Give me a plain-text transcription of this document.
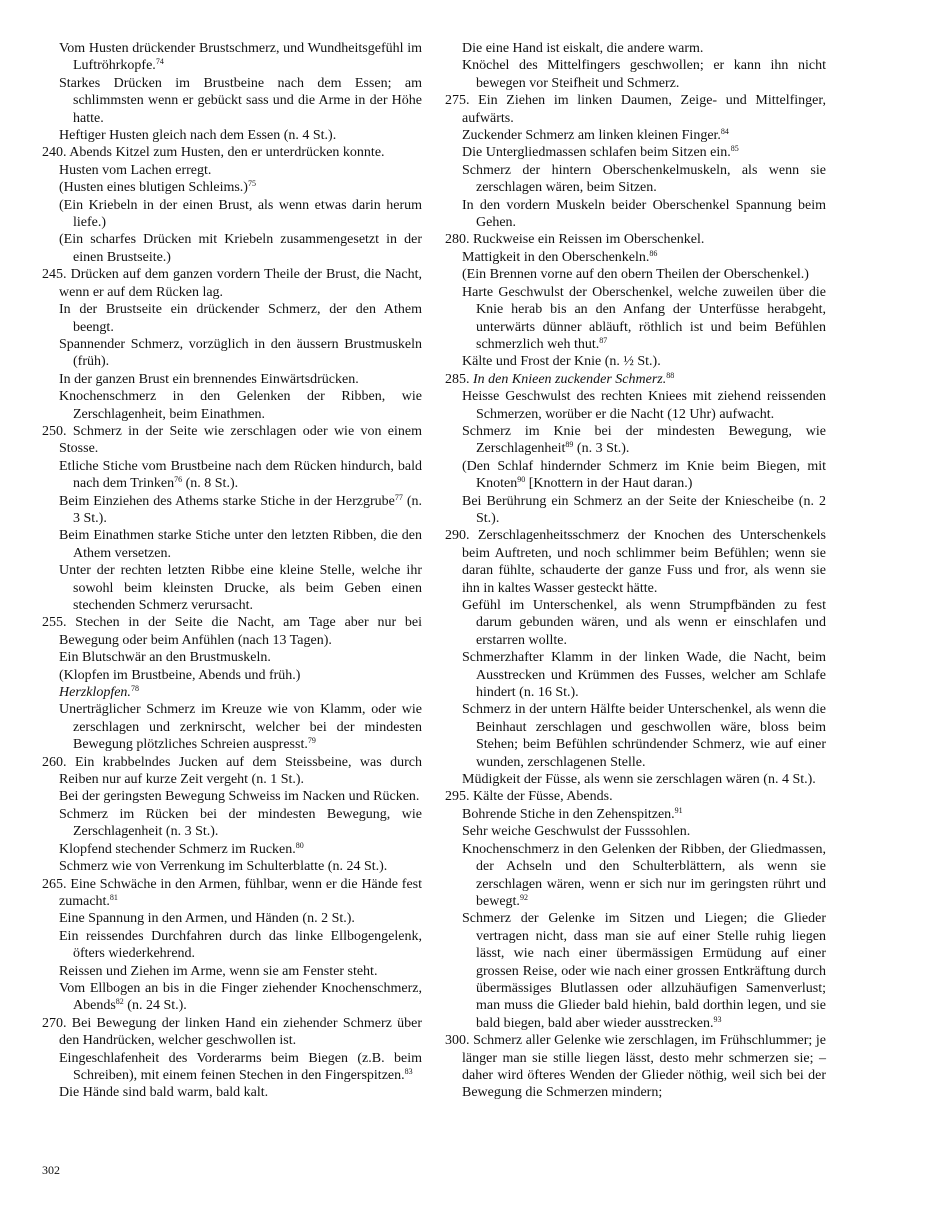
Vom Husten drückender Brustschmerz, und Wundheitsgefühl im Luftröhrkopfe.$^{74}$
Starkes Drücken im Brustbeine nach dem Essen; am schlimmsten wenn er gebückt sass und die Arme in der Höhe hatte.
Heftiger Husten gleich nach dem Essen (n. 4 St.).
240. Abends Kitzel zum Husten, den er unterdrücken konnte.
Husten vom Lachen erregt.
(Husten eines blutigen Schleims.)$^{75}$
(Ein Kriebeln in der einen Brust, als wenn etwas darin herum liefe.)
(Ein scharfes Drücken mit Kriebeln zusammengesetzt in der einen Brustseite.)
245. Drücken auf dem ganzen vordern Theile der Brust, die Nacht, wenn er auf dem Rücken lag.
In der Brustseite ein drückender Schmerz, der den Athem beengt.
Spannender Schmerz, vorzüglich in den äussern Brustmuskeln (früh).
In der ganzen Brust ein brennendes Einwärtsdrücken.
Knochenschmerz in den Gelenken der Ribben, wie Zerschlagenheit, beim Einathmen.
250. Schmerz in der Seite wie zerschlagen oder wie von einem Stosse.
Etliche Stiche vom Brustbeine nach dem Rücken hindurch, bald nach dem Trinken$^{76}$ (n. 8 St.).
Beim Einziehen des Athems starke Stiche in der Herzgrube$^{77}$ (n. 3 St.).
Beim Einathmen starke Stiche unter den letzten Ribben, die den Athem versetzen.
Unter der rechten letzten Ribbe eine kleine Stelle, welche ihr sowohl beim kleinsten Drucke, als beim Geben einen stechenden Schmerz verursacht.
255. Stechen in der Seite die Nacht, am Tage aber nur bei Bewegung oder beim Anfühlen (nach 13 Tagen).
Ein Blutschwär an den Brustmuskeln.
(Klopfen im Brustbeine, Abends und früh.)
Herzklopfen.$^{78}$
Unerträglicher Schmerz im Kreuze wie von Klamm, oder wie zerschlagen und zerknirscht, welcher bei der mindesten Bewegung plötzliches Schreien auspresst.$^{79}$
260. Ein krabbelndes Jucken auf dem Steissbeine, was durch Reiben nur auf kurze Zeit vergeht (n. 1 St.).
Bei der geringsten Bewegung Schweiss im Nacken und Rücken.
Schmerz im Rücken bei der mindesten Bewegung, wie Zerschlagenheit (n. 3 St.).
Klopfend stechender Schmerz im Rucken.$^{80}$
Schmerz wie von Verrenkung im Schulterblatte (n. 24 St.).
265. Eine Schwäche in den Armen, fühlbar, wenn er die Hände fest zumacht.$^{81}$
Eine Spannung in den Armen, und Händen (n. 2 St.).
Ein reissendes Durchfahren durch das linke Ellbogengelenk, öfters wiederkehrend.
Reissen und Ziehen im Arme, wenn sie am Fenster steht.
Vom Ellbogen an bis in die Finger ziehender Knochenschmerz, Abends$^{82}$ (n. 24 St.).
270. Bei Bewegung der linken Hand ein ziehender Schmerz über den Handrücken, welcher geschwollen ist.
Eingeschlafenheit des Vorderarms beim Biegen (z.B. beim Schreiben), mit einem feinen Stechen in den Fingerspitzen.$^{83}$
Die Hände sind bald warm, bald kalt.
Die eine Hand ist eiskalt, die andere warm.
Knöchel des Mittelfingers geschwollen; er kann ihn nicht bewegen vor Steifheit und Schmerz.
275. Ein Ziehen im linken Daumen, Zeige- und Mittelfinger, aufwärts.
Zuckender Schmerz am linken kleinen Finger.$^{84}$
Die Untergliedmassen schlafen beim Sitzen ein.$^{85}$
Schmerz der hintern Oberschenkelmuskeln, als wenn sie zerschlagen wären, beim Sitzen.
In den vordern Muskeln beider Oberschenkel Spannung beim Gehen.
280. Ruckweise ein Reissen im Oberschenkel.
Mattigkeit in den Oberschenkeln.$^{86}$
(Ein Brennen vorne auf den obern Theilen der Oberschenkel.)
Harte Geschwulst der Oberschenkel, welche zuweilen über die Knie herab bis an den Anfang der Unterfüsse herabgeht, unterwärts dünner abläuft, röthlich ist und beim Befühlen schmerzlich weh thut.$^{87}$
Kälte und Frost der Knie (n. ½ St.).
285. In den Knieen zuckender Schmerz.$^{88}$
Heisse Geschwulst des rechten Kniees mit ziehend reissenden Schmerzen, worüber er die Nacht (12 Uhr) aufwacht.
Schmerz im Knie bei der mindesten Bewegung, wie Zerschlagenheit$^{89}$ (n. 3 St.).
(Den Schlaf hindernder Schmerz im Knie beim Biegen, mit Knoten$^{90}$ [Knottern in der Haut daran.)
Bei Berührung ein Schmerz an der Seite der Kniescheibe (n. 2 St.).
290. Zerschlagenheitsschmerz der Knochen des Unterschenkels beim Auftreten, und noch schlimmer beim Befühlen; wenn sie daran fühlte, schauderte der ganze Fuss und fror, als wenn sie ihn in kaltes Wasser gesteckt hätte.
Gefühl im Unterschenkel, als wenn Strumpfbänden zu fest darum gebunden wären, und als wenn er einschlafen und erstarren wollte.
Schmerzhafter Klamm in der linken Wade, die Nacht, beim Ausstrecken und Krümmen des Fusses, welcher am Schlafe hindert (n. 16 St.).
Schmerz in der untern Hälfte beider Unterschenkel, als wenn die Beinhaut zerschlagen und geschwollen wäre, bloss beim Stehen; beim Befühlen schründender Schmerz, wie auf einer wunden, zerschlagenen Stelle.
Müdigkeit der Füsse, als wenn sie zerschlagen wären (n. 4 St.).
295. Kälte der Füsse, Abends.
Bohrende Stiche in den Zehenspitzen.$^{91}$
Sehr weiche Geschwulst der Fusssohlen.
Knochenschmerz in den Gelenken der Ribben, der Gliedmassen, der Achseln und den Schulterblättern, als wenn sie zerschlagen wären, wenn er sich nur im geringsten rührt und bewegt.$^{92}$
Schmerz der Gelenke im Sitzen und Liegen; die Glieder vertragen nicht, dass man sie auf einer Stelle ruhig liegen lässt, wie nach einer übermässigen Ermüdung auf einer grossen Reise, oder wie nach einer grossen Entkräftung durch übermässiges Blutlassen oder allzuhäufigen Samenverlust; man muss die Glieder bald hiehin, bald dorthin legen, und sie bald biegen, bald aber wieder ausstrecken.$^{93}$
300. Schmerz aller Gelenke wie zerschlagen, im Frühschlummer; je länger man sie stille liegen lässt, desto mehr schmerzen sie; – daher wird öfteres Wenden der Glieder nöthig, weil sich bei der Bewegung die Schmerzen mindern;
302
